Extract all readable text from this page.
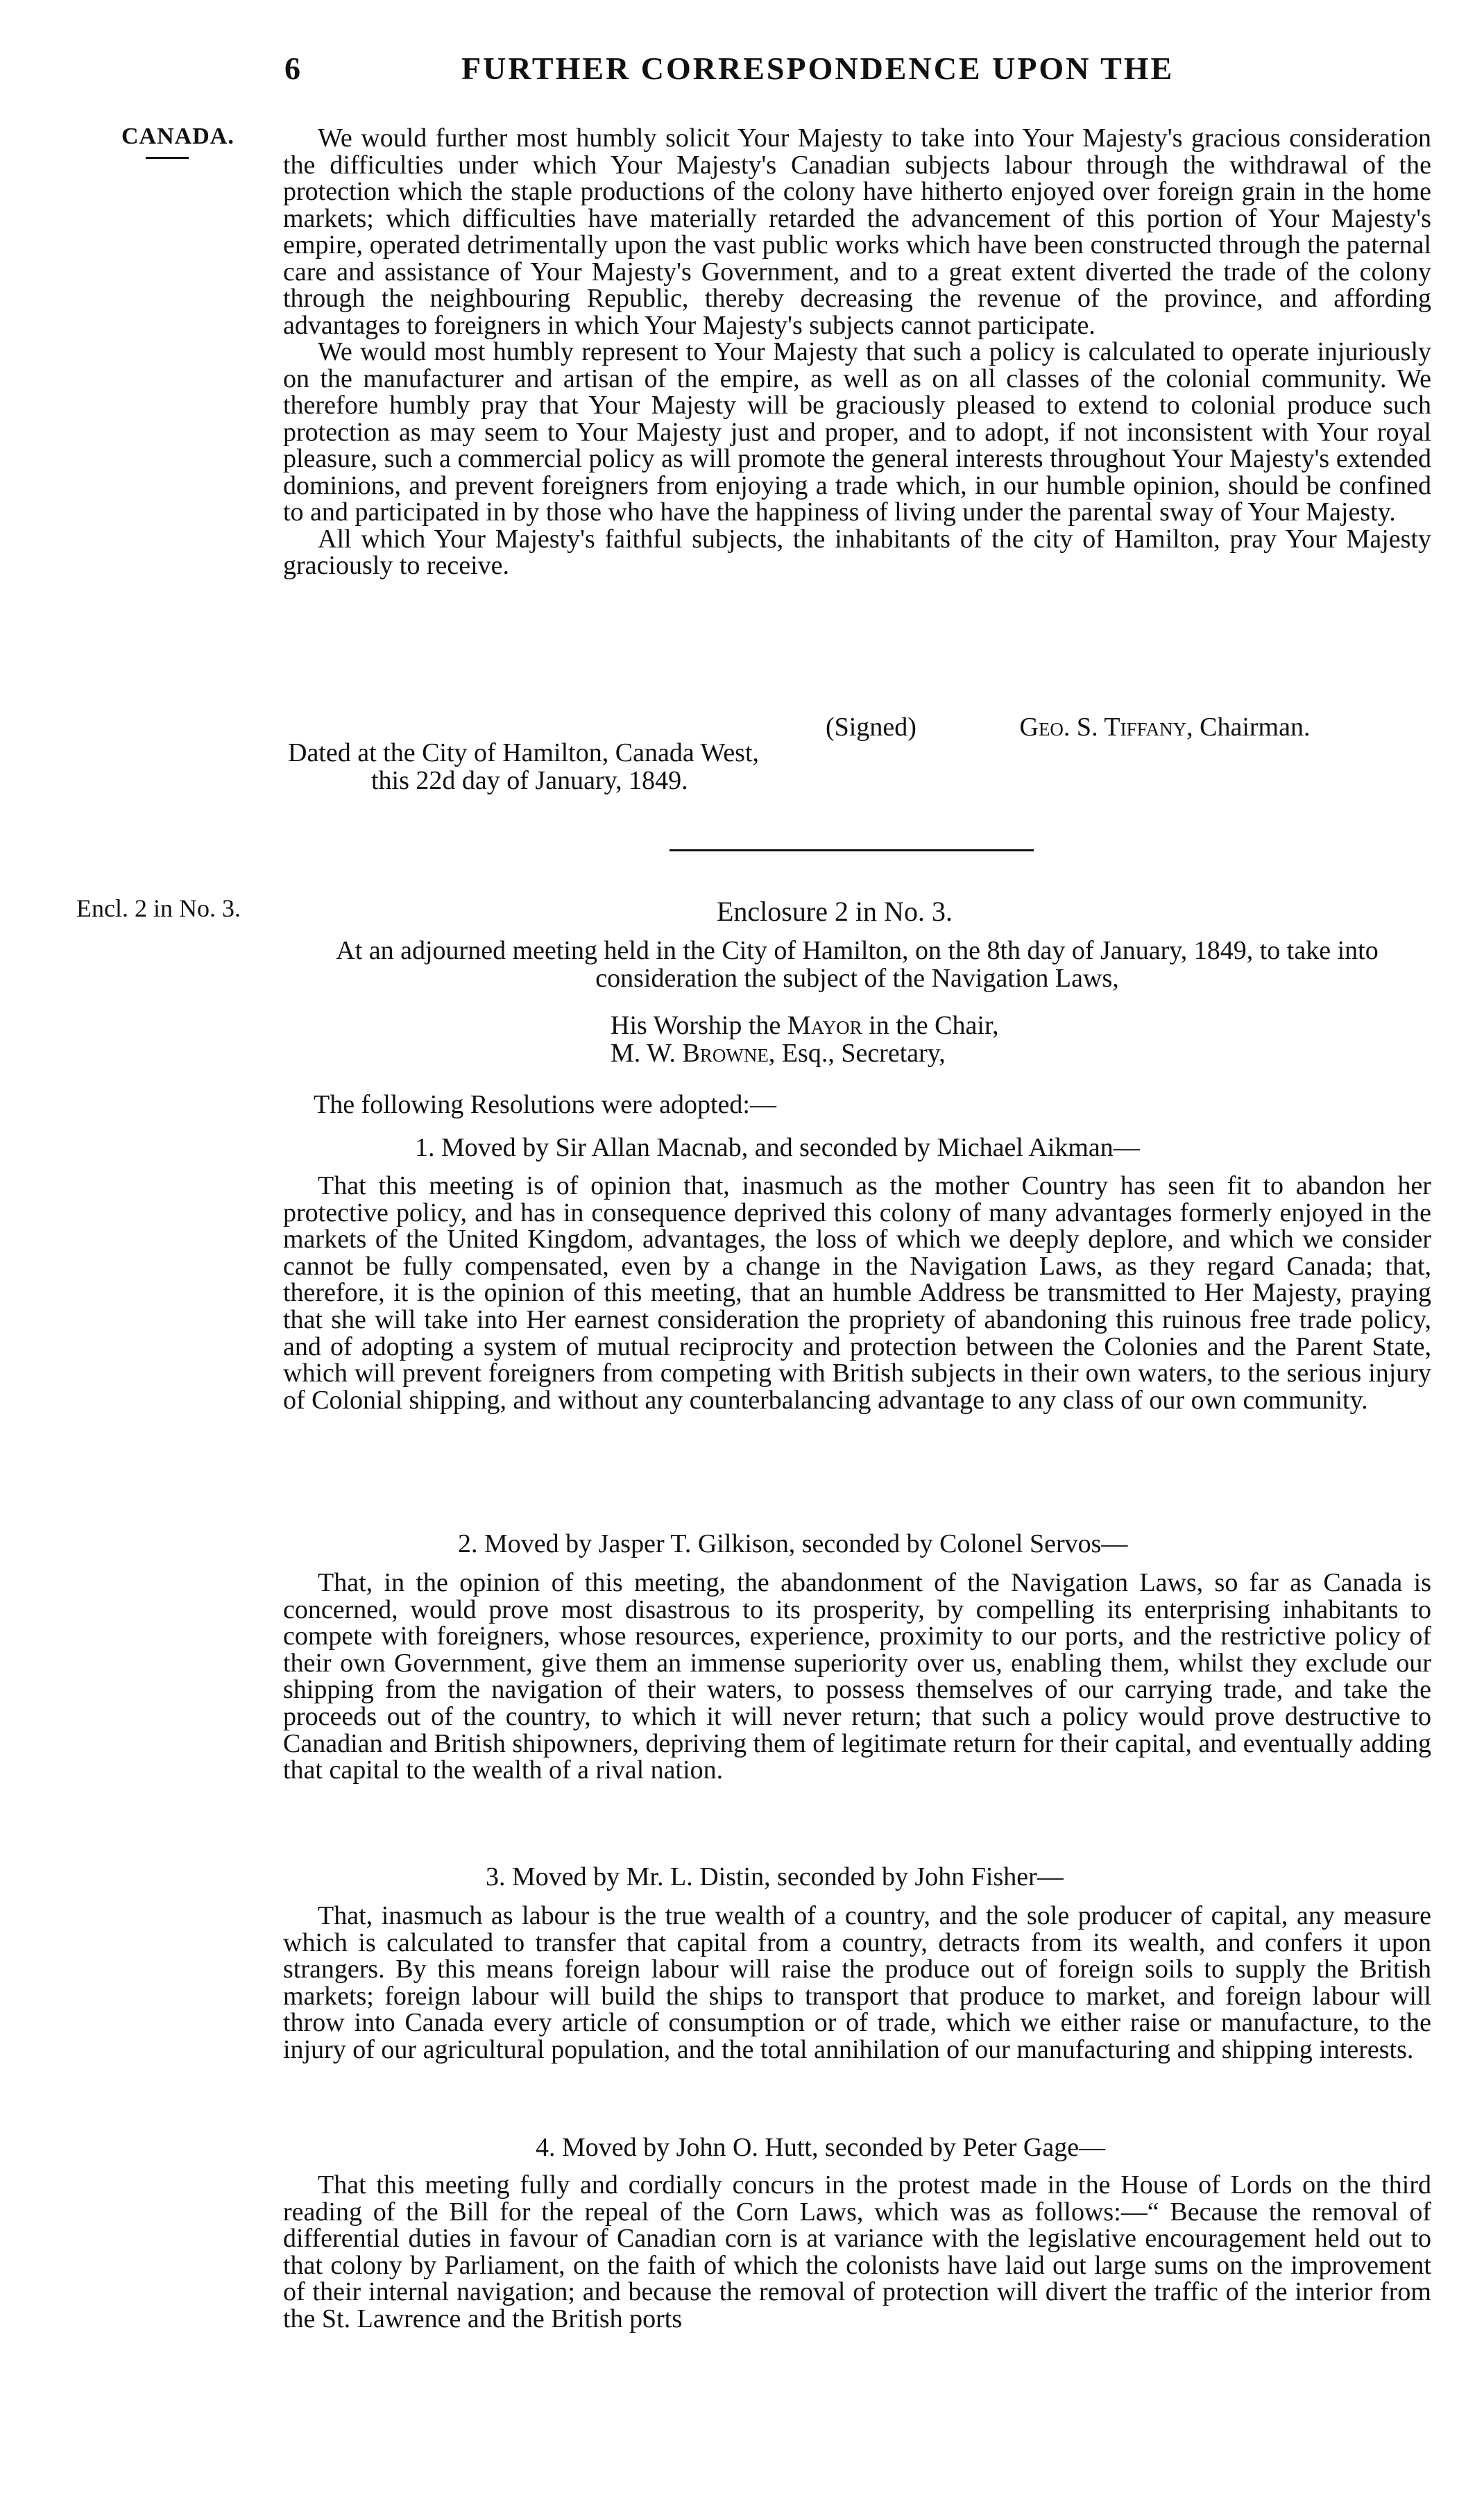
6	FURTHER CORRESPONDENCE UPON THE
CANADA.	We would further most humbly solicit Your Majesty to take into Your Majesty's gracious consideration the difficulties under which Your Majesty's Canadian subjects labour through the withdrawal of the protection which the staple productions of the colony have hitherto enjoyed over foreign grain in the home markets; which difficulties have materially retarded the advancement of this portion of Your Majesty's empire, operated detrimentally upon the vast public works which have been constructed through the paternal care and assistance of Your Majesty's Government, and to a great extent diverted the trade of the colony through the neighbouring Republic, thereby decreasing the revenue of the province, and affording advantages to foreigners in which Your Majesty's subjects cannot participate.

We would most humbly represent to Your Majesty that such a policy is calculated to operate injuriously on the manufacturer and artisan of the empire, as well as on all classes of the colonial community. We therefore humbly pray that Your Majesty will be graciously pleased to extend to colonial produce such protection as may seem to Your Majesty just and proper, and to adopt, if not inconsistent with Your royal pleasure, such a commercial policy as will promote the general interests throughout Your Majesty's extended dominions, and prevent foreigners from enjoying a trade which, in our humble opinion, should be confined to and participated in by those who have the happiness of living under the parental sway of Your Majesty.

All which Your Majesty's faithful subjects, the inhabitants of the city of Hamilton, pray Your Majesty graciously to receive.

(Signed)	Geo. S. Tiffany, Chairman.
Dated at the City of Hamilton, Canada West,
this 22d day of January, 1849.
Encl. 2 in No. 3.	Enclosure 2 in No. 3.
At an adjourned meeting held in the City of Hamilton, on the 8th day of January, 1849, to take into consideration the subject of the Navigation Laws,
His Worship the Mayor in the Chair,
M. W. Browne, Esq., Secretary,
The following Resolutions were adopted:—
1. Moved by Sir Allan Macnab, and seconded by Michael Aikman—
That this meeting is of opinion that, inasmuch as the mother Country has seen fit to abandon her protective policy, and has in consequence deprived this colony of many advantages formerly enjoyed in the markets of the United Kingdom, advantages, the loss of which we deeply deplore, and which we consider cannot be fully compensated, even by a change in the Navigation Laws, as they regard Canada; that, therefore, it is the opinion of this meeting, that an humble Address be transmitted to Her Majesty, praying that she will take into Her earnest consideration the propriety of abandoning this ruinous free trade policy, and of adopting a system of mutual reciprocity and protection between the Colonies and the Parent State, which will prevent foreigners from competing with British subjects in their own waters, to the serious injury of Colonial shipping, and without any counterbalancing advantage to any class of our own community.
2. Moved by Jasper T. Gilkison, seconded by Colonel Servos—
That, in the opinion of this meeting, the abandonment of the Navigation Laws, so far as Canada is concerned, would prove most disastrous to its prosperity, by compelling its enterprising inhabitants to compete with foreigners, whose resources, experience, proximity to our ports, and the restrictive policy of their own Government, give them an immense superiority over us, enabling them, whilst they exclude our shipping from the navigation of their waters, to possess themselves of our carrying trade, and take the proceeds out of the country, to which it will never return; that such a policy would prove destructive to Canadian and British shipowners, depriving them of legitimate return for their capital, and eventually adding that capital to the wealth of a rival nation.
3. Moved by Mr. L. Distin, seconded by John Fisher—
That, inasmuch as labour is the true wealth of a country, and the sole producer of capital, any measure which is calculated to transfer that capital from a country, detracts from its wealth, and confers it upon strangers. By this means foreign labour will raise the produce out of foreign soils to supply the British markets; foreign labour will build the ships to transport that produce to market, and foreign labour will throw into Canada every article of consumption or of trade, which we either raise or manufacture, to the injury of our agricultural population, and the total annihilation of our manufacturing and shipping interests.
4. Moved by John O. Hutt, seconded by Peter Gage—
That this meeting fully and cordially concurs in the protest made in the House of Lords on the third reading of the Bill for the repeal of the Corn Laws, which was as follows:—“ Because the removal of differential duties in favour of Canadian corn is at variance with the legislative encouragement held out to that colony by Parliament, on the faith of which the colonists have laid out large sums on the improvement of their internal navigation; and because the removal of protection will divert the traffic of the interior from the St. Lawrence and the British ports
